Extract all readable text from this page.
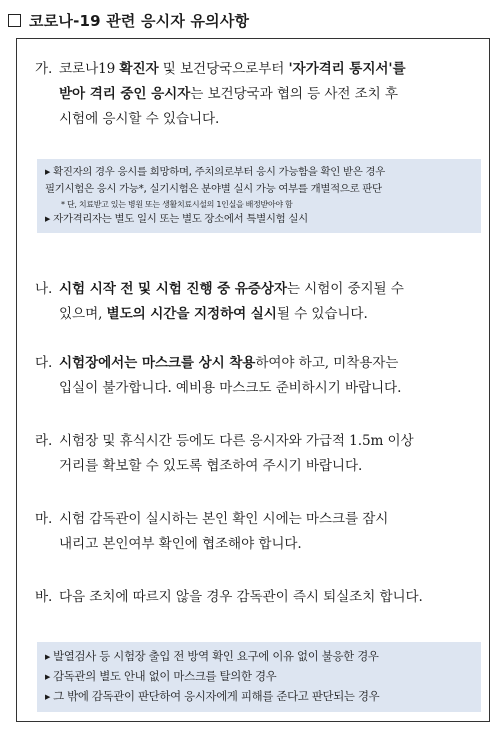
코로나-19 관련 응시자 유의사항
가. 코로나19 확진자 및 보건당국으로부터 '자가격리 통지서'를
받아 격리 중인 응시자는 보건당국과 협의 등 사전 조치 후
시험에 응시할 수 있습니다.
▶ 확진자의 경우 응시를 희망하며, 주치의로부터 응시 가능함을 확인 받은 경우
필기시험은 응시 가능*, 실기시험은 분야별 실시 가능 여부를 개별적으로 판단
* 단, 치료받고 있는 병원 또는 생활치료시설의 1인실을 배정받아야 함
▶ 자가격리자는 별도 일시 또는 별도 장소에서 특별시험 실시
나. 시험 시작 전 및 시험 진행 중 유증상자는 시험이 중지될 수
있으며, 별도의 시간을 지정하여 실시될 수 있습니다.
다. 시험장에서는 마스크를 상시 착용하여야 하고, 미착용자는
입실이 불가합니다. 예비용 마스크도 준비하시기 바랍니다.
라. 시험장 및 휴식시간 등에도 다른 응시자와 가급적 1.5m 이상
거리를 확보할 수 있도록 협조하여 주시기 바랍니다.
마. 시험 감독관이 실시하는 본인 확인 시에는 마스크를 잠시
내리고 본인여부 확인에 협조해야 합니다.
바. 다음 조치에 따르지 않을 경우 감독관이 즉시 퇴실조치 합니다.
▶ 발열검사 등 시험장 출입 전 방역 확인 요구에 이유 없이 불응한 경우
▶ 감독관의 별도 안내 없이 마스크를 탈의한 경우
▶ 그 밖에 감독관이 판단하여 응시자에게 피해를 준다고 판단되는 경우
